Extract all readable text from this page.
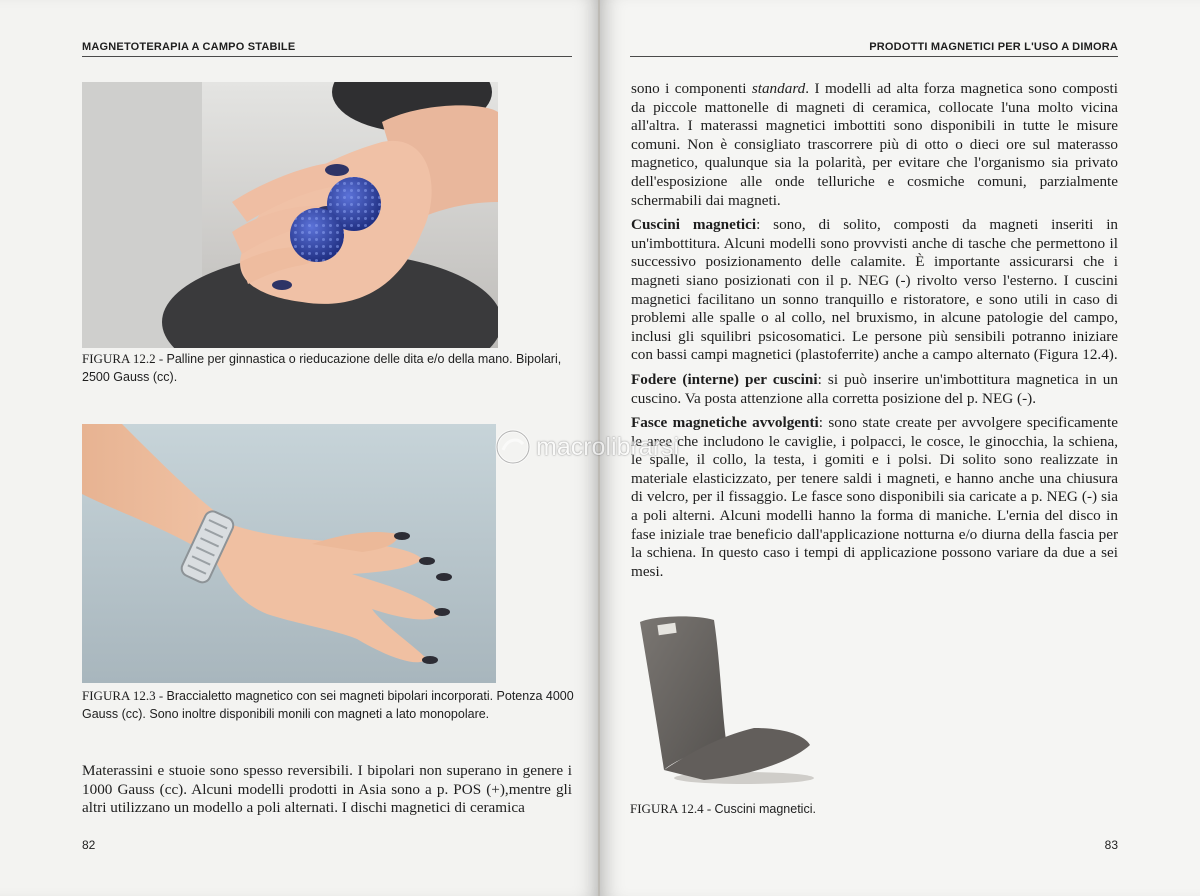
MAGNETOTERAPIA A CAMPO STABILE
FIGURA 12.2 - Palline per ginnastica o rieducazione delle dita e/o della mano. Bipolari, 2500 Gauss (cc).
FIGURA 12.3 - Braccialetto magnetico con sei magneti bipolari incorporati. Potenza 4000 Gauss (cc). Sono inoltre disponibili monili con magneti a lato monopolare.
Materassini e stuoie sono spesso reversibili. I bipolari non superano in genere i 1000 Gauss (cc). Alcuni modelli prodotti in Asia sono a p. POS (+),mentre gli altri utilizzano un modello a poli alternati. I dischi magnetici di ceramica
82
PRODOTTI MAGNETICI PER L'USO A DIMORA

sono i componenti standard. I modelli ad alta forza magnetica sono composti da piccole mattonelle di magneti di ceramica, collocate l'una molto vicina all'altra. I materassi magnetici imbottiti sono disponibili in tutte le misure comuni. Non è consigliato trascorrere più di otto o dieci ore sul materasso magnetico, qualunque sia la polarità, per evitare che l'organismo sia privato dell'esposizione alle onde telluriche e cosmiche comuni, parzialmente schermabili dai magneti.

Cuscini magnetici: sono, di solito, composti da magneti inseriti in un'imbottitura. Alcuni modelli sono provvisti anche di tasche che permettono il successivo posizionamento delle calamite. È importante assicurarsi che i magneti siano posizionati con il p. NEG (-) rivolto verso l'esterno. I cuscini magnetici facilitano un sonno tranquillo e ristoratore, e sono utili in caso di problemi alle spalle o al collo, nel bruxismo, in alcune patologie del campo, inclusi gli squilibri psicosomatici. Le persone più sensibili potranno iniziare con bassi campi magnetici (plastoferrite) anche a campo alternato (Figura 12.4).

Fodere (interne) per cuscini: si può inserire un'imbottitura magnetica in un cuscino. Va posta attenzione alla corretta posizione del p. NEG (-).

Fasce magnetiche avvolgenti: sono state create per avvolgere specificamente le aree che includono le caviglie, i polpacci, le cosce, le ginocchia, la schiena, le spalle, il collo, la testa, i gomiti e i polsi. Di solito sono realizzate in materiale elasticizzato, per tenere saldi i magneti, e hanno anche una chiusura di velcro, per il fissaggio. Le fasce sono disponibili sia caricate a p. NEG (-) sia a poli alterni. Alcuni modelli hanno la forma di maniche. L'ernia del disco in fase iniziale trae beneficio dall'applicazione notturna e/o diurna della fascia per la schiena. In questo caso i tempi di applicazione possono variare da due a sei mesi.

FIGURA 12.4 - Cuscini magnetici.
83
macrolibrarsi
